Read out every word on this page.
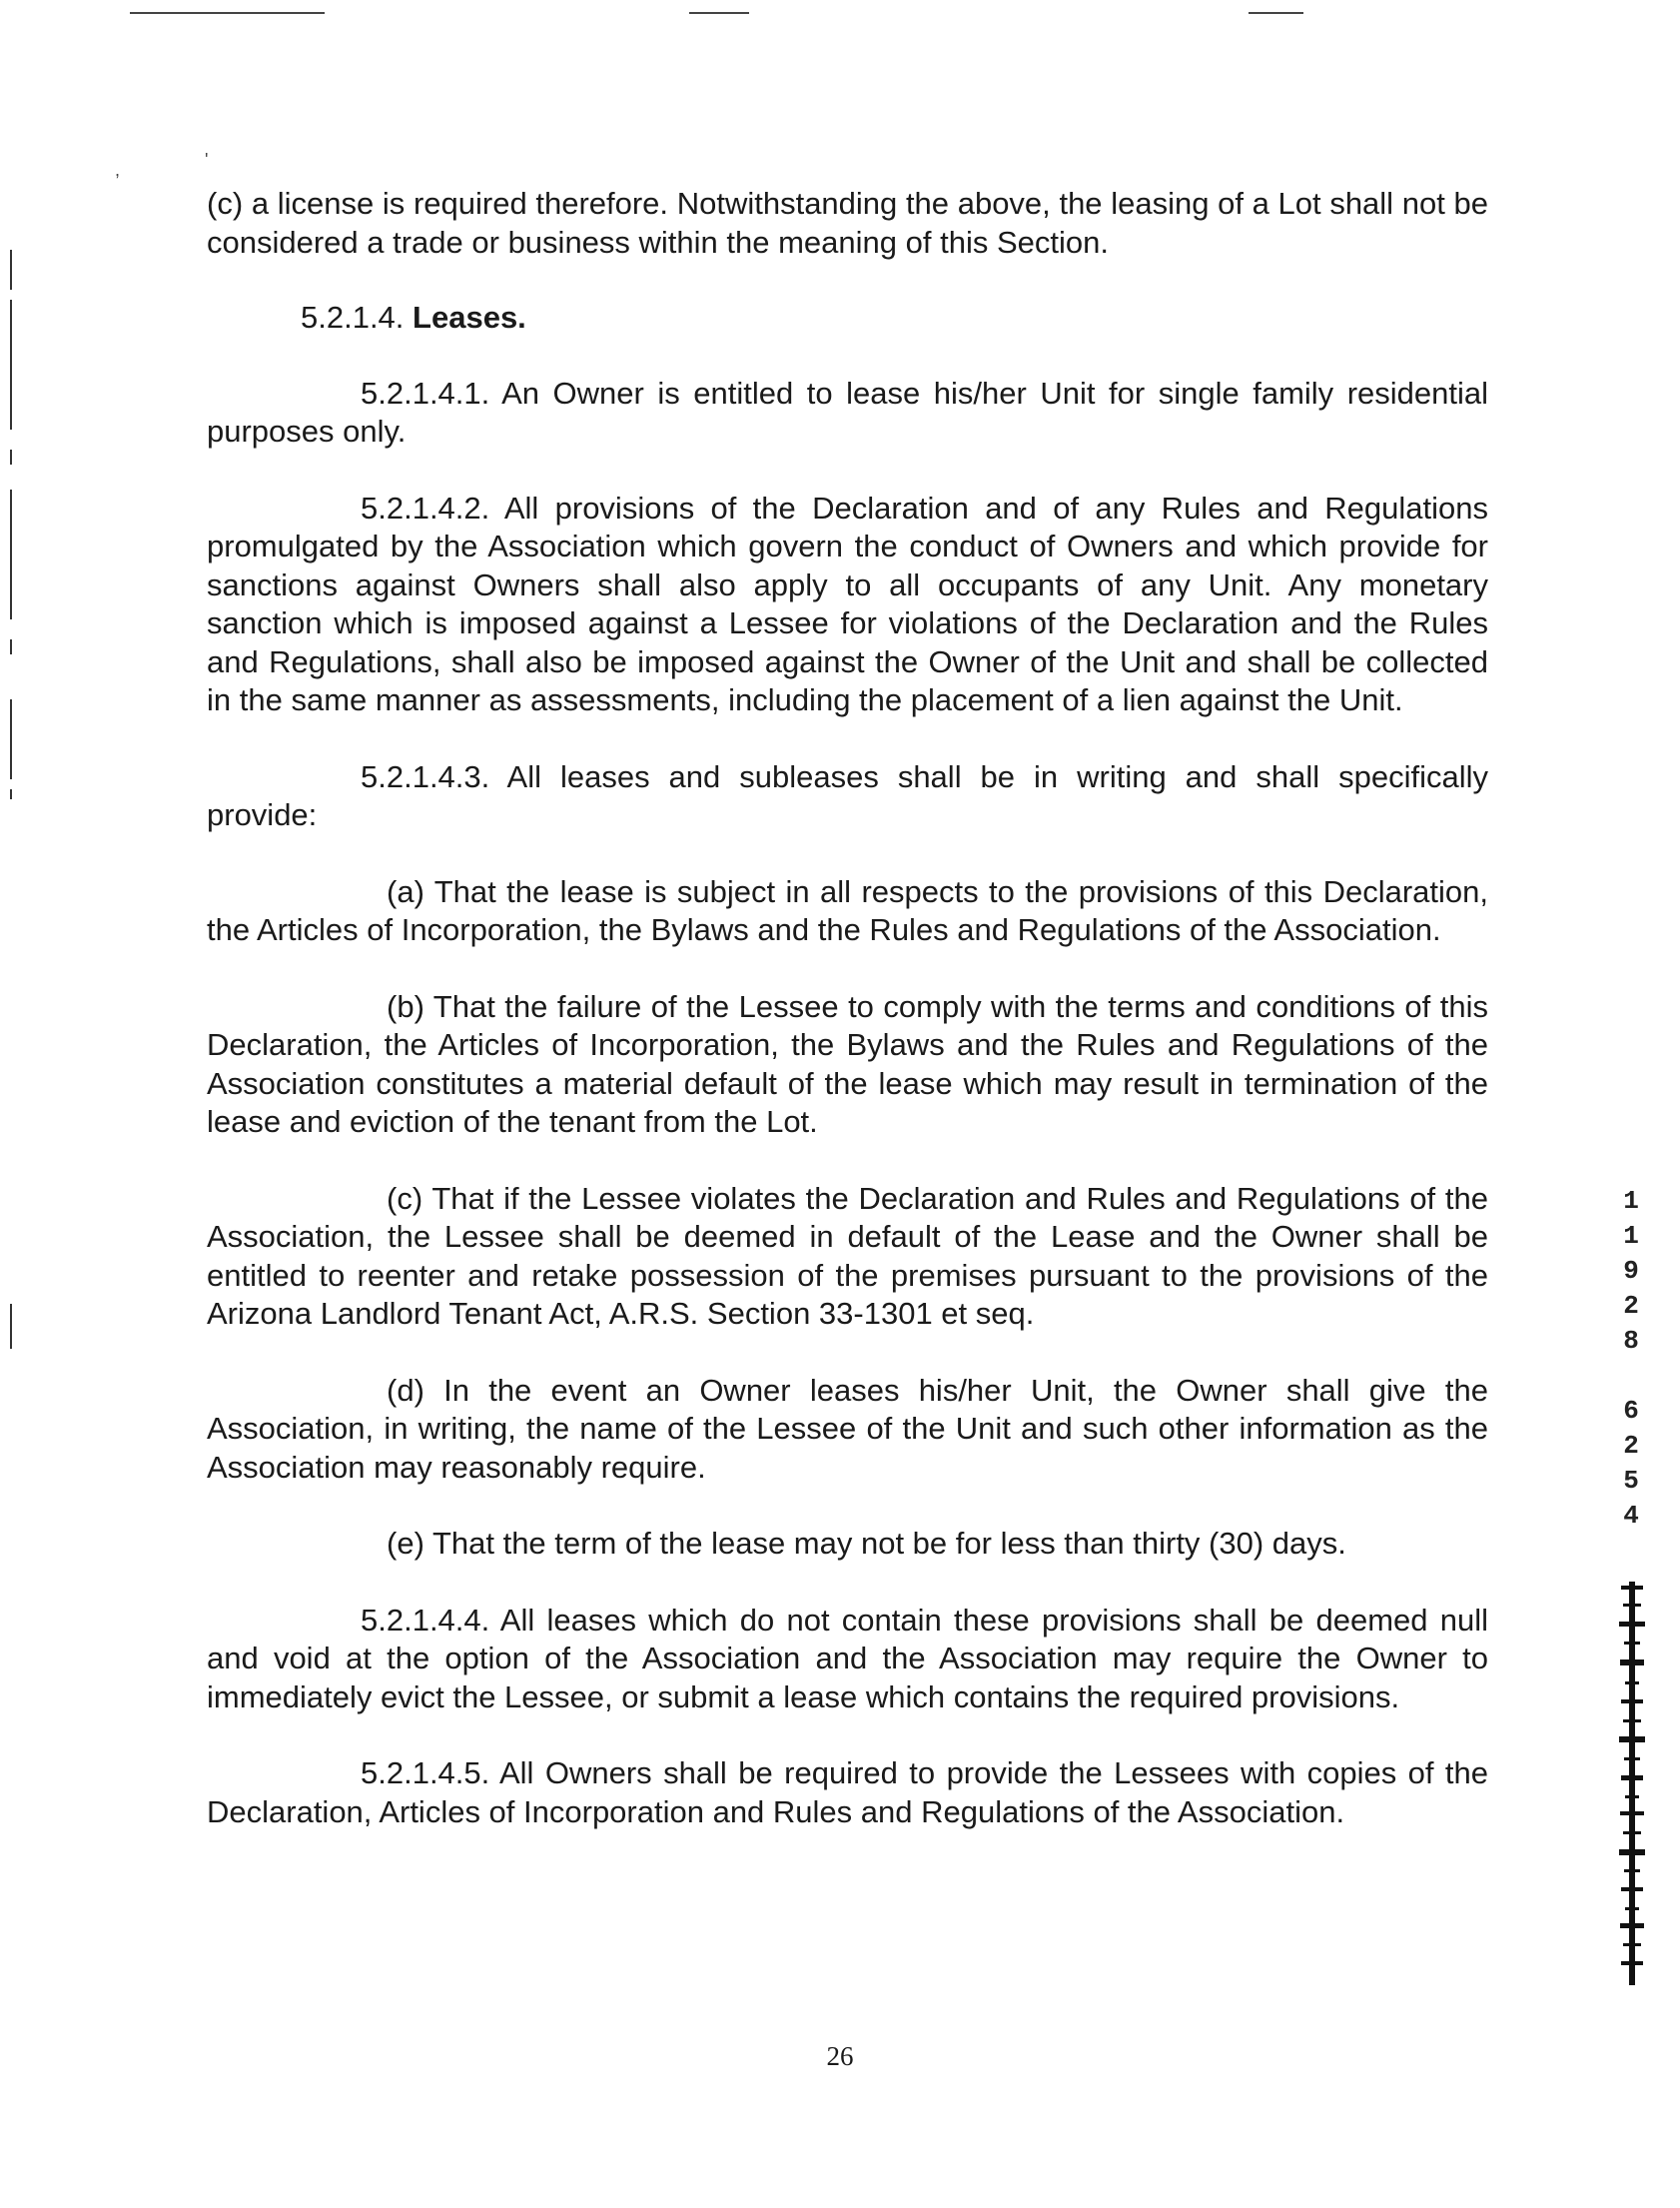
,	'

(c) a license is required therefore. Notwithstanding the above, the leasing of a Lot shall not be considered a trade or business within the meaning of this Section.

5.2.1.4. Leases.

5.2.1.4.1. An Owner is entitled to lease his/her Unit for single family residential purposes only.

5.2.1.4.2. All provisions of the Declaration and of any Rules and Regulations promulgated by the Association which govern the conduct of Owners and which provide for sanctions against Owners shall also apply to all occupants of any Unit. Any monetary sanction which is imposed against a Lessee for violations of the Declaration and the Rules and Regulations, shall also be imposed against the Owner of the Unit and shall be collected in the same manner as assessments, including the placement of a lien against the Unit.

5.2.1.4.3. All leases and subleases shall be in writing and shall specifically
provide:

(a) That the lease is subject in all respects to the provisions of this Declaration, the Articles of Incorporation, the Bylaws and the Rules and Regulations of the Association.

(b) That the failure of the Lessee to comply with the terms and conditions of this Declaration, the Articles of Incorporation, the Bylaws and the Rules and Regulations of the Association constitutes a material default of the lease which may result in termination of the lease and eviction of the tenant from the Lot.

(c) That if the Lessee violates the Declaration and Rules and Regulations of the Association, the Lessee shall be deemed in default of the Lease and the Owner shall be entitled to reenter and retake possession of the premises pursuant to the provisions of the Arizona Landlord Tenant Act, A.R.S. Section 33-1301 et seq.

(d) In the event an Owner leases his/her Unit, the Owner shall give the Association, in writing, the name of the Lessee of the Unit and such other information as the Association may reasonably require.

(e) That the term of the lease may not be for less than thirty (30) days.

5.2.1.4.4. All leases which do not contain these provisions shall be deemed null and void at the option of the Association and the Association may require the Owner to immediately evict the Lessee, or submit a lease which contains the required provisions.

5.2.1.4.5. All Owners shall be required to provide the Lessees with copies of the Declaration, Articles of Incorporation and Rules and Regulations of the Association.

1
1
9
2
8
6
2
5
4
26
